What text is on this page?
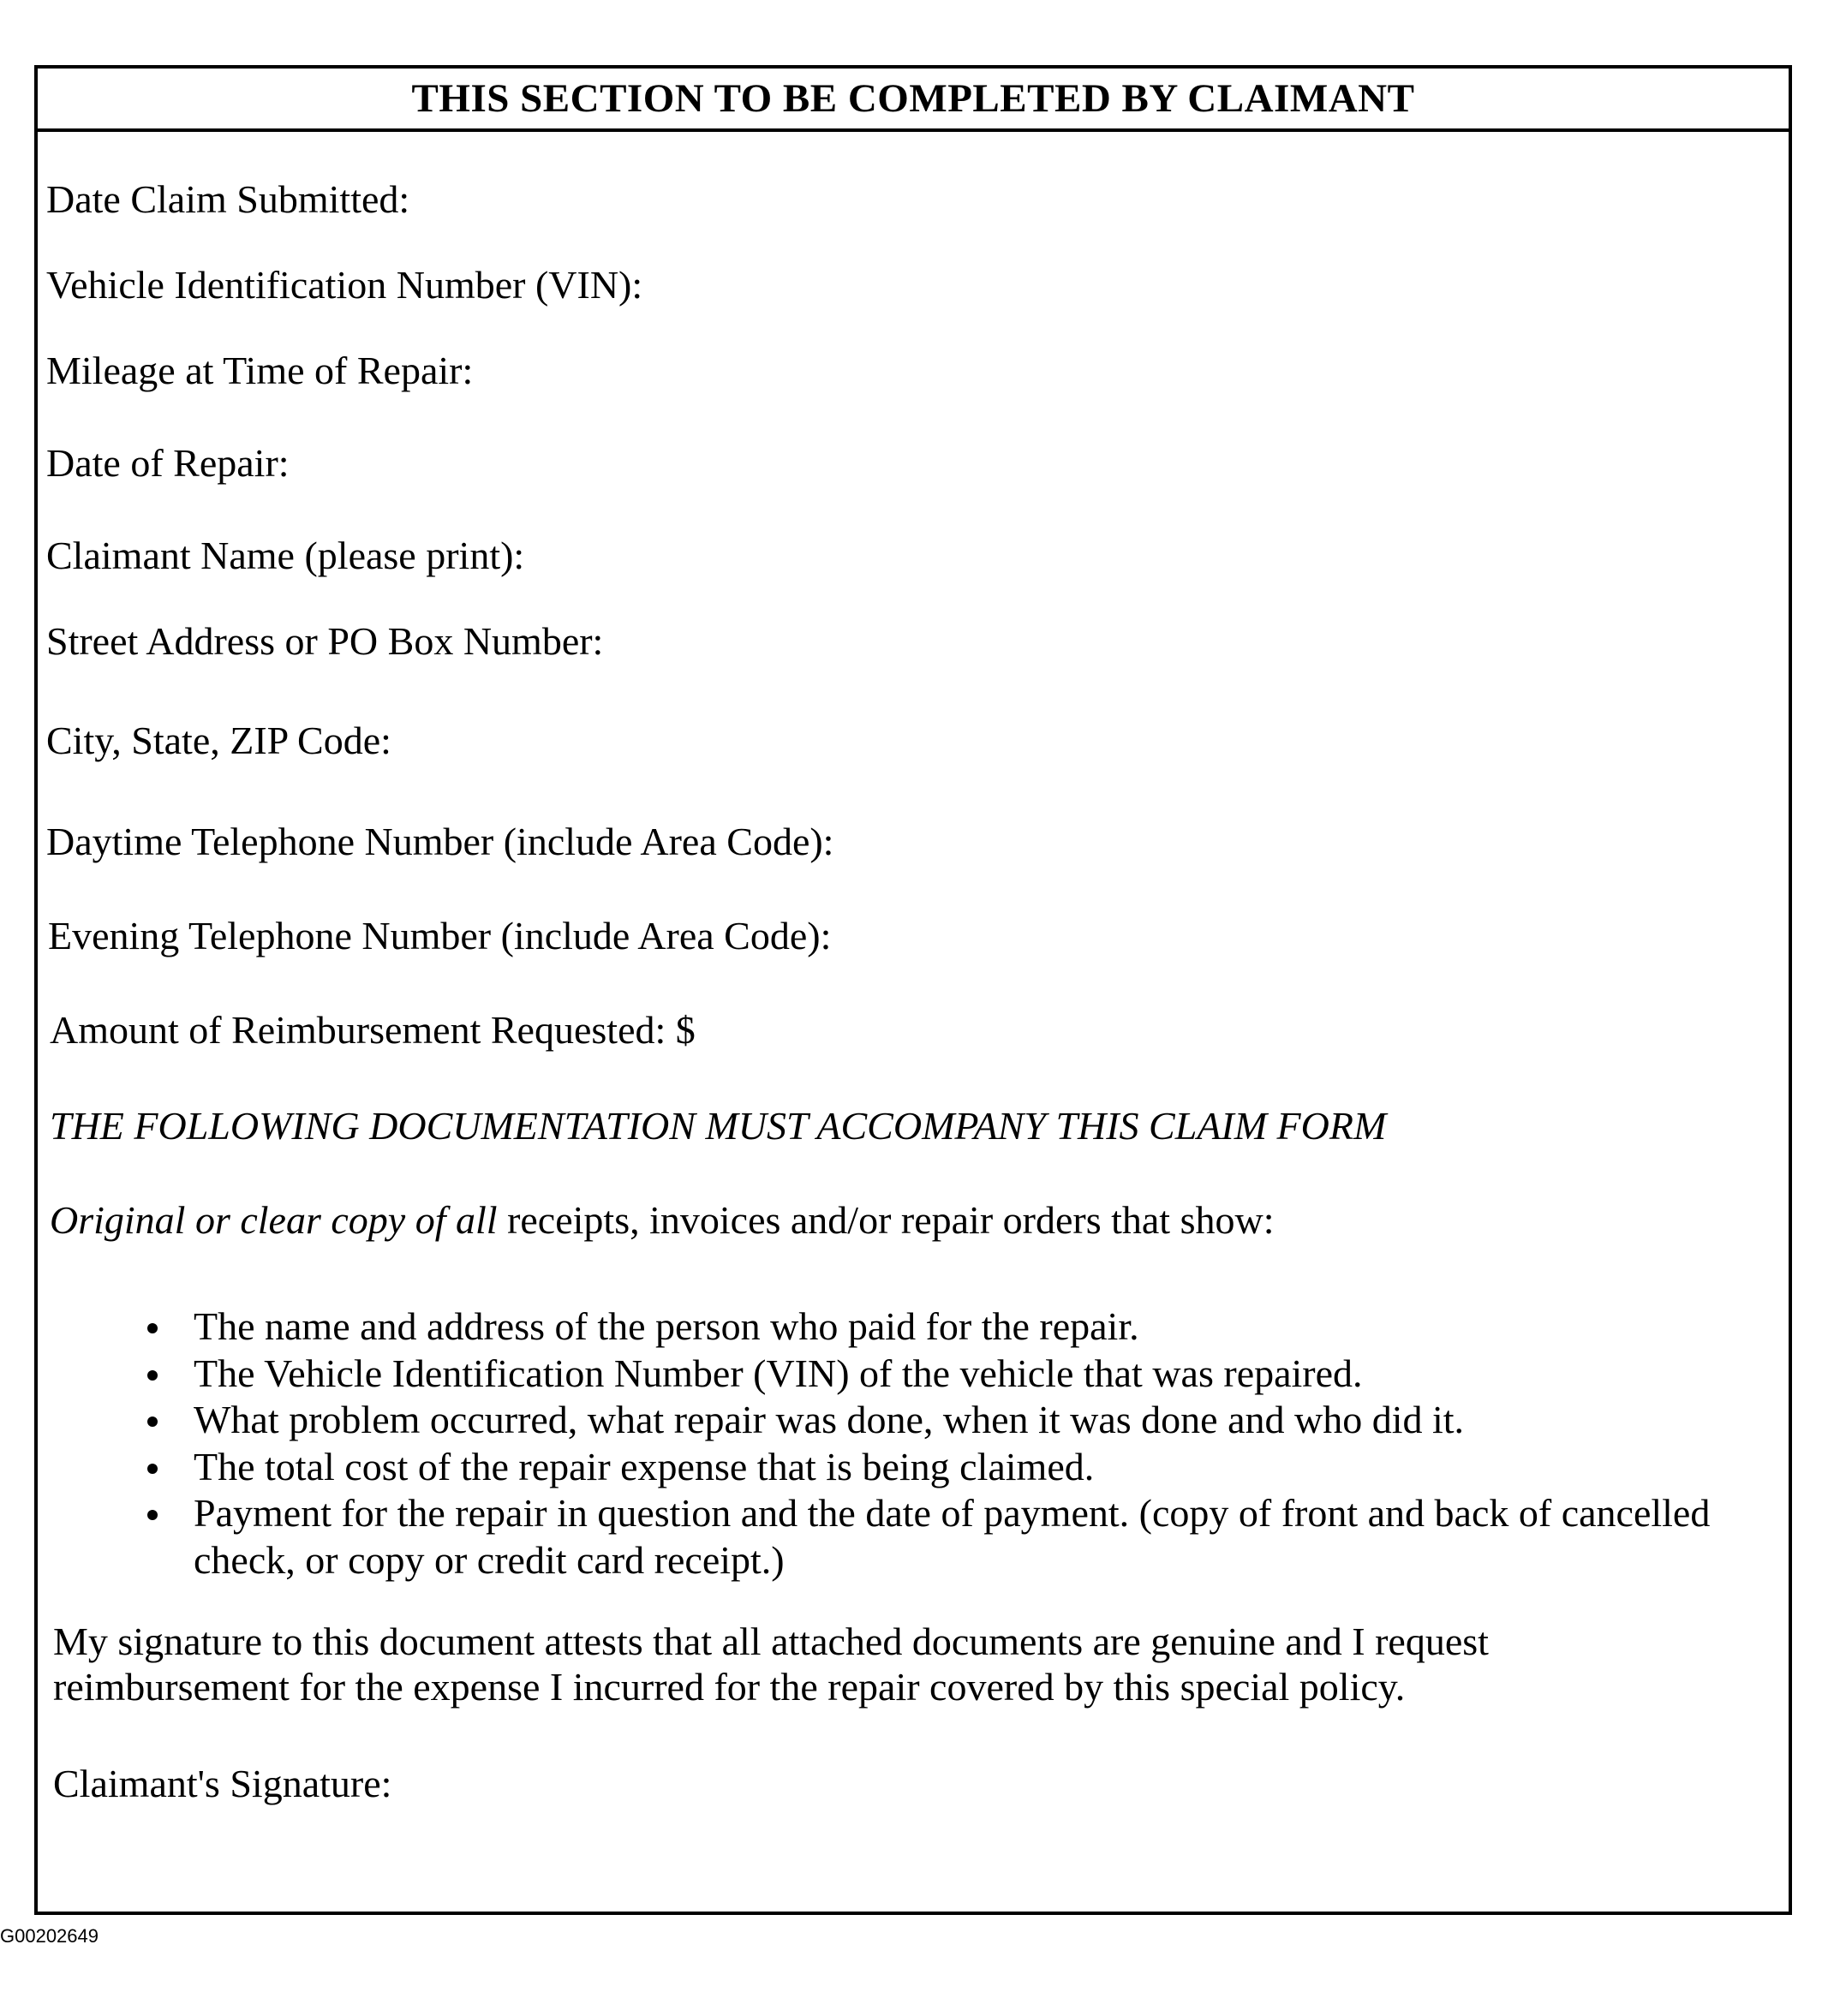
THIS SECTION TO BE COMPLETED BY CLAIMANT
Date Claim Submitted:
Vehicle Identification Number (VIN):
Mileage at Time of Repair:
Date of Repair:
Claimant Name (please print):
Street Address or PO Box Number:
City, State, ZIP Code:
Daytime Telephone Number (include Area Code):
Evening Telephone Number (include Area Code):
Amount of Reimbursement Requested: $
THE FOLLOWING DOCUMENTATION MUST ACCOMPANY THIS CLAIM FORM
Original or clear copy of all receipts, invoices and/or repair orders that show:
The name and address of the person who paid for the repair.
The Vehicle Identification Number (VIN) of the vehicle that was repaired.
What problem occurred, what repair was done, when it was done and who did it.
The total cost of the repair expense that is being claimed.
Payment for the repair in question and the date of payment. (copy of front and back of cancelled check, or copy or credit card receipt.)
My signature to this document attests that all attached documents are genuine and I request reimbursement for the expense I incurred for the repair covered by this special policy.
Claimant's Signature:
G00202649
